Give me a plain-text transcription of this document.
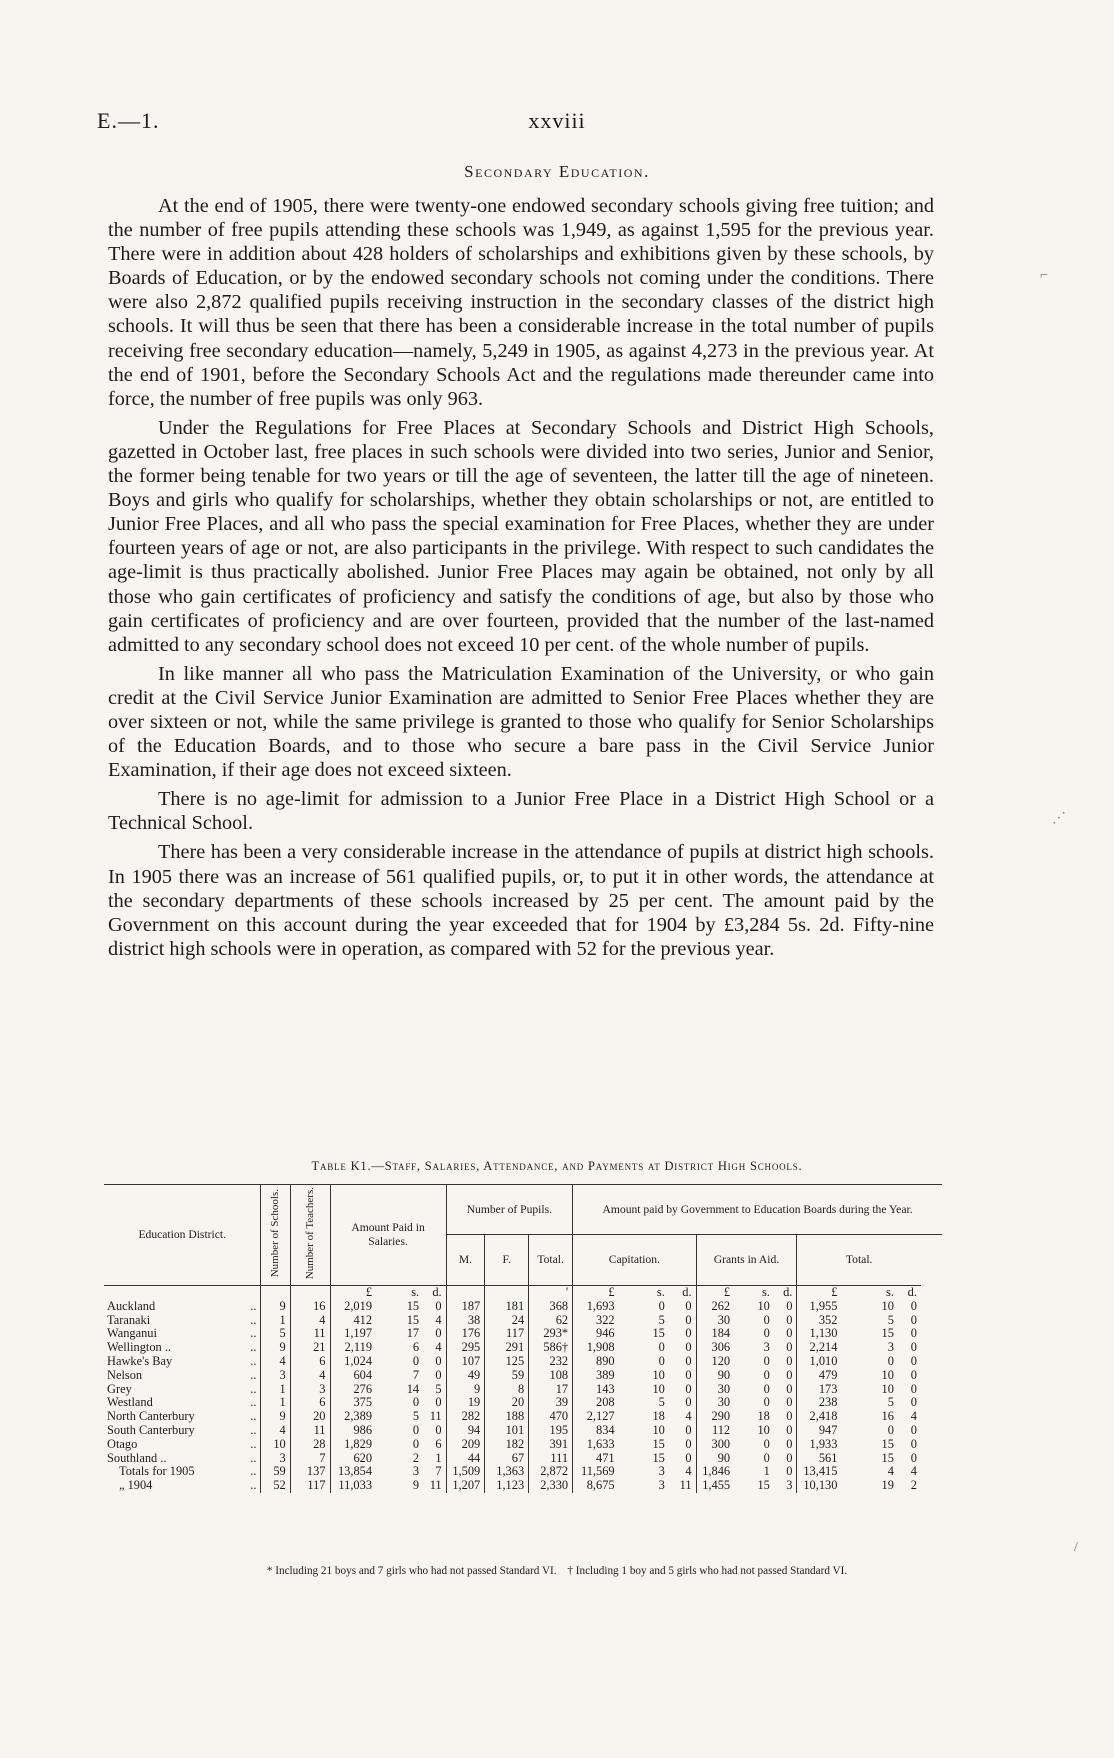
E.—1.	xxviii
Secondary Education.

At the end of 1905, there were twenty-one endowed secondary schools giving free tuition; and the number of free pupils attending these schools was 1,949, as against 1,595 for the previous year. There were in addition about 428 holders of scholarships and exhibitions given by these schools, by Boards of Education, or by the endowed secondary schools not coming under the conditions. There were also 2,872 qualified pupils receiving instruction in the secondary classes of the district high schools. It will thus be seen that there has been a considerable increase in the total number of pupils receiving free secondary education—namely, 5,249 in 1905, as against 4,273 in the previous year. At the end of 1901, before the Secondary Schools Act and the regulations made thereunder came into force, the number of free pupils was only 963.

Under the Regulations for Free Places at Secondary Schools and District High Schools, gazetted in October last, free places in such schools were divided into two series, Junior and Senior, the former being tenable for two years or till the age of seventeen, the latter till the age of nineteen. Boys and girls who qualify for scholarships, whether they obtain scholarships or not, are entitled to Junior Free Places, and all who pass the special examination for Free Places, whether they are under fourteen years of age or not, are also participants in the privilege. With respect to such candidates the age-limit is thus practically abolished. Junior Free Places may again be obtained, not only by all those who gain certificates of proficiency and satisfy the conditions of age, but also by those who gain certificates of proficiency and are over fourteen, provided that the number of the last-named admitted to any secondary school does not exceed 10 per cent. of the whole number of pupils.

In like manner all who pass the Matriculation Examination of the University, or who gain credit at the Civil Service Junior Examination are admitted to Senior Free Places whether they are over sixteen or not, while the same privilege is granted to those who qualify for Senior Scholarships of the Education Boards, and to those who secure a bare pass in the Civil Service Junior Examination, if their age does not exceed sixteen.

There is no age-limit for admission to a Junior Free Place in a District High School or a Technical School.

There has been a very considerable increase in the attendance of pupils at district high schools. In 1905 there was an increase of 561 qualified pupils, or, to put it in other words, the attendance at the secondary departments of these schools increased by 25 per cent. The amount paid by the Government on this account during the year exceeded that for 1904 by £3,284 5s. 2d. Fifty-nine district high schools were in operation, as compared with 52 for the previous year.

Table K1.—Staff, Salaries, Attendance, and Payments at District High Schools.
Education District.	Number of Schools.	Number of Teachers.	Amount Paid in Salaries.			Number of Pupils.			Amount paid by Government to Education Boards during the Year.									
						M.	F.	Total.	Capitation.			Grants in Aid.			Total.			
			£	s.	d.			'	£	s.	d.	£	s.	d.	£	s.	d.	
Auckland ..	9	16	2,019	15	0	187	181	368	1,693	0	0	262	10	0	1,955	10	0	
Taranaki ..	1	4	412	15	4	38	24	62	322	5	0	30	0	0	352	5	0	
Wanganui ..	5	11	1,197	17	0	176	117	293*	946	15	0	184	0	0	1,130	15	0	
Wellington .. ..	9	21	2,119	6	4	295	291	586†	1,908	0	0	306	3	0	2,214	3	0	
Hawke's Bay ..	4	6	1,024	0	0	107	125	232	890	0	0	120	0	0	1,010	0	0	
Nelson ..	3	4	604	7	0	49	59	108	389	10	0	90	0	0	479	10	0	
Grey ..	1	3	276	14	5	9	8	17	143	10	0	30	0	0	173	10	0	
Westland ..	1	6	375	0	0	19	20	39	208	5	0	30	0	0	238	5	0	
North Canterbury ..	9	20	2,389	5	11	282	188	470	2,127	18	4	290	18	0	2,418	16	4	
South Canterbury ..	4	11	986	0	0	94	101	195	834	10	0	112	10	0	947	0	0	
Otago ..	10	28	1,829	0	6	209	182	391	1,633	15	0	300	0	0	1,933	15	0	
Southland .. ..	3	7	620	2	1	44	67	111	471	15	0	90	0	0	561	15	0	
Totals for 1905 ..	59	137	13,854	3	7	1,509	1,363	2,872	11,569	3	4	1,846	1	0	13,415	4	4	
„ 1904 ..	52	117	11,033	9	11	1,207	1,123	2,330	8,675	3	11	1,455	15	3	10,130	19	2	
* Including 21 boys and 7 girls who had not passed Standard VI. † Including 1 boy and 5 girls who had not passed Standard VI.
⌐
⋰
/
